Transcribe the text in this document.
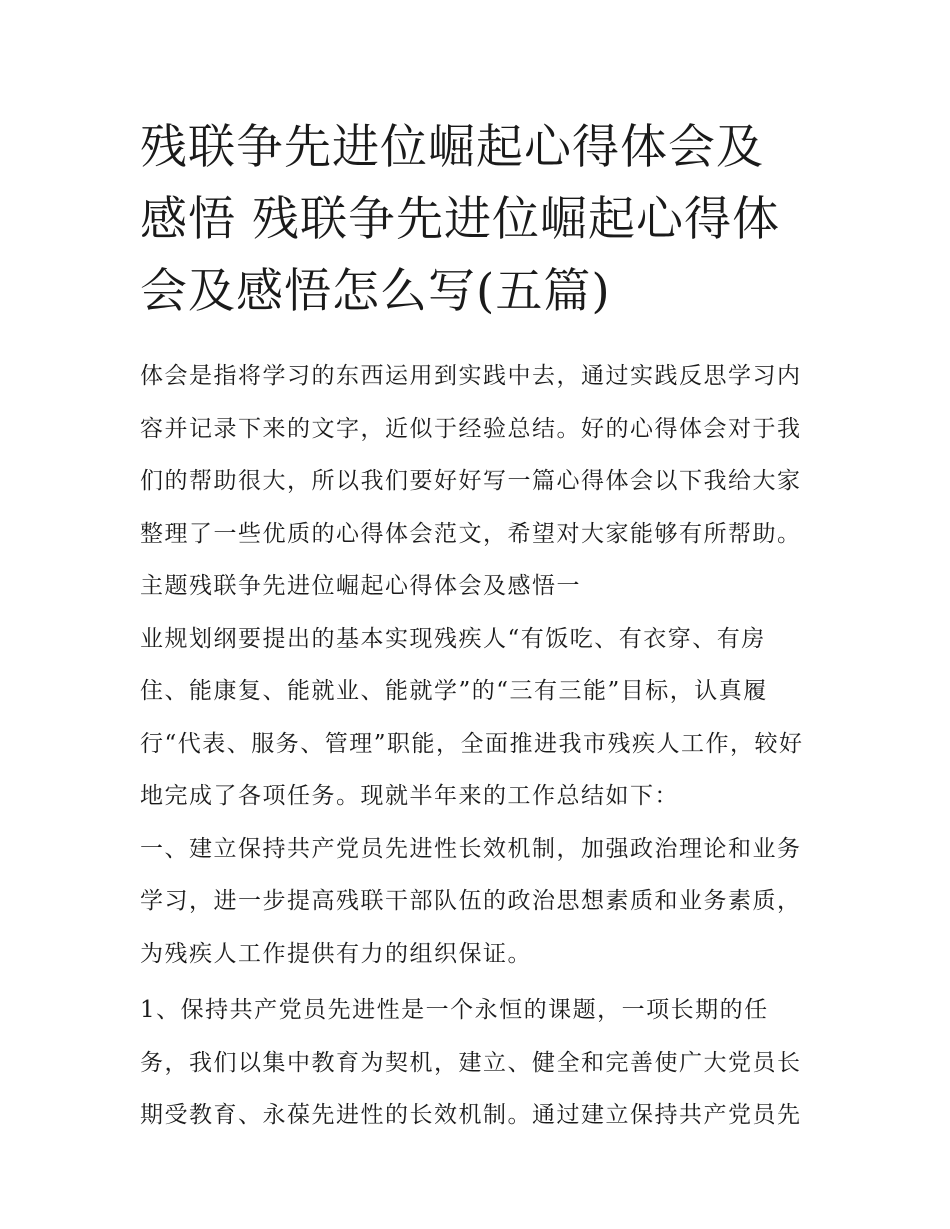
残联争先进位崛起心得体会及
感悟 残联争先进位崛起心得体
会及感悟怎么写(五篇)
体会是指将学习的东西运用到实践中去，通过实践反思学习内
容并记录下来的文字，近似于经验总结。好的心得体会对于我
们的帮助很大，所以我们要好好写一篇心得体会以下我给大家
整理了一些优质的心得体会范文，希望对大家能够有所帮助。
主题残联争先进位崛起心得体会及感悟一
业规划纲要提出的基本实现残疾人“有饭吃、有衣穿、有房
住、能康复、能就业、能就学”的“三有三能”目标，认真履
行“代表、服务、管理”职能，全面推进我市残疾人工作，较好
地完成了各项任务。现就半年来的工作总结如下：
一、建立保持共产党员先进性长效机制，加强政治理论和业务
学习，进一步提高残联干部队伍的政治思想素质和业务素质，
为残疾人工作提供有力的组织保证。
1、保持共产党员先进性是一个永恒的课题，一项长期的任
务，我们以集中教育为契机，建立、健全和完善使广大党员长
期受教育、永葆先进性的长效机制。通过建立保持共产党员先
